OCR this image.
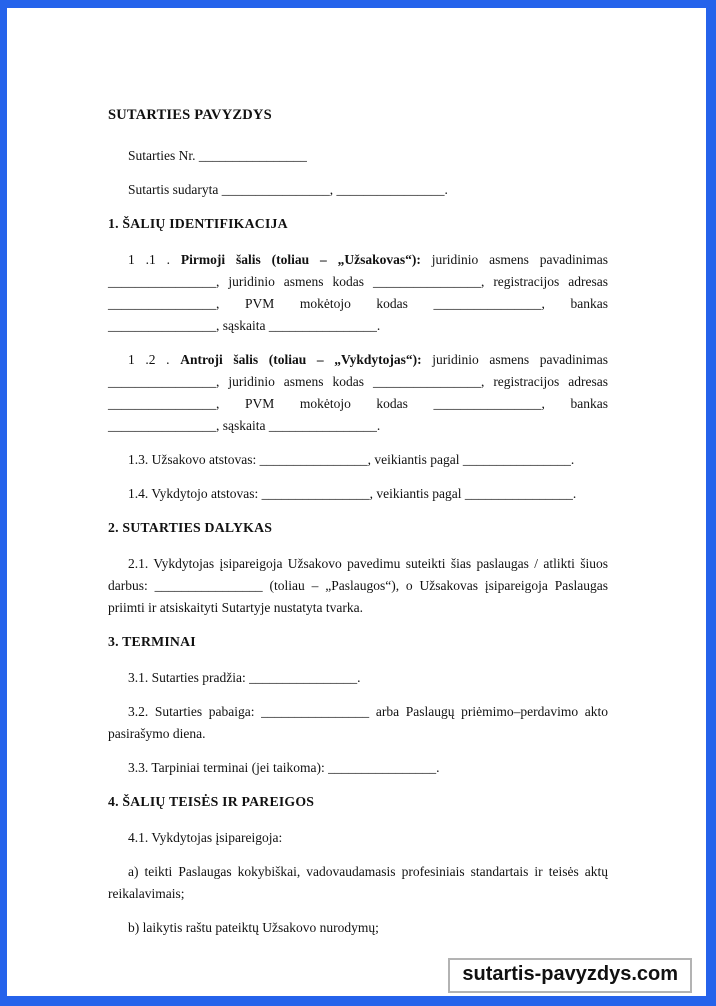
SUTARTIES PAVYZDYS

Sutarties Nr. ________________

Sutartis sudaryta ________________, ________________.

1. ŠALIŲ IDENTIFIKACIJA

1 .1 . Pirmoji šalis (toliau – „Užsakovas“): juridinio asmens pavadinimas ________________, juridinio asmens kodas ________________, registracijos adresas ________________, PVM mokėtojo kodas ________________, bankas ________________, sąskaita ________________.

1 .2 . Antroji šalis (toliau – „Vykdytojas“): juridinio asmens pavadinimas ________________, juridinio asmens kodas ________________, registracijos adresas ________________, PVM mokėtojo kodas ________________, bankas ________________, sąskaita ________________.

1.3. Užsakovo atstovas: ________________, veikiantis pagal ________________.

1.4. Vykdytojo atstovas: ________________, veikiantis pagal ________________.

2. SUTARTIES DALYKAS

2.1. Vykdytojas įsipareigoja Užsakovo pavedimu suteikti šias paslaugas / atlikti šiuos darbus: ________________ (toliau – „Paslaugos“), o Užsakovas įsipareigoja Paslaugas priimti ir atsiskaityti Sutartyje nustatyta tvarka.

3. TERMINAI

3.1. Sutarties pradžia: ________________.

3.2. Sutarties pabaiga: ________________ arba Paslaugų priėmimo–perdavimo akto pasirašymo diena.

3.3. Tarpiniai terminai (jei taikoma): ________________.

4. ŠALIŲ TEISĖS IR PAREIGOS

4.1. Vykdytojas įsipareigoja:

a) teikti Paslaugas kokybiškai, vadovaudamasis profesiniais standartais ir teisės aktų reikalavimais;

b) laikytis raštu pateiktų Užsakovo nurodymų;

sutartis-pavyzdys.com
